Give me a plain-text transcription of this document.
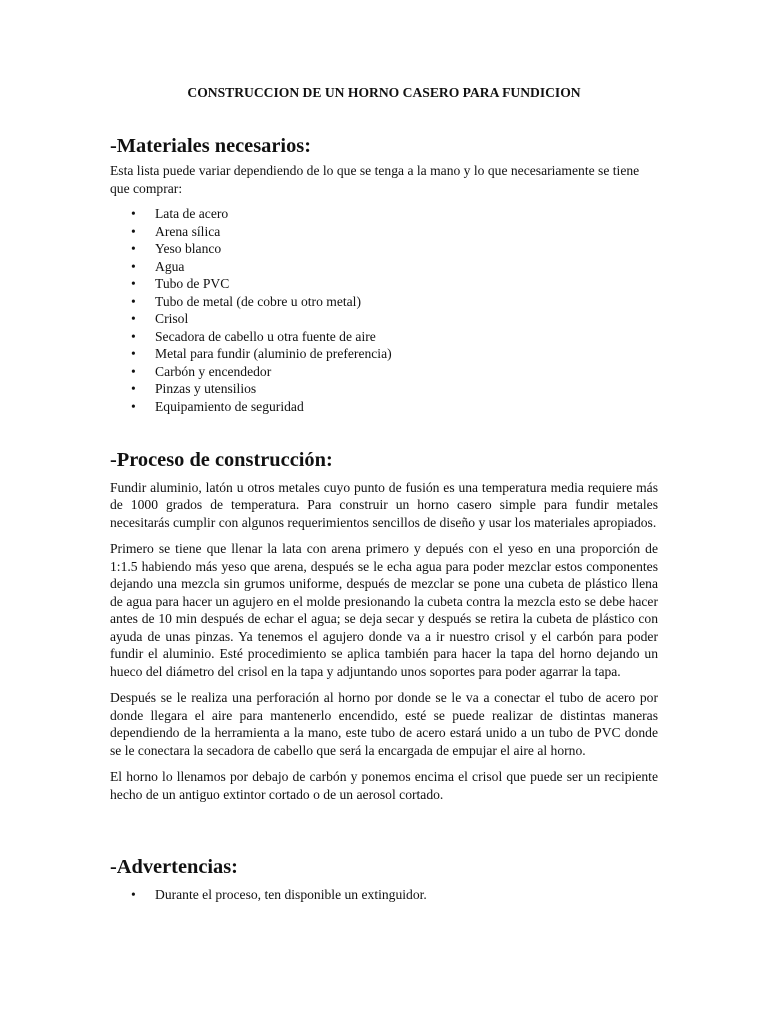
CONSTRUCCION DE UN HORNO CASERO PARA FUNDICION
-Materiales necesarios:

Esta lista puede variar dependiendo de lo que se tenga a la mano y lo que necesariamente se tiene que comprar:

• Lata de acero
• Arena sílica
• Yeso blanco
• Agua
• Tubo de PVC
• Tubo de metal (de cobre u otro metal)
• Crisol
• Secadora de cabello u otra fuente de aire
• Metal para fundir (aluminio de preferencia)
• Carbón y encendedor
• Pinzas y utensilios
• Equipamiento de seguridad
-Proceso de construcción:

Fundir aluminio, latón u otros metales cuyo punto de fusión es una temperatura media requiere más de 1000 grados de temperatura. Para construir un horno casero simple para fundir metales necesitarás cumplir con algunos requerimientos sencillos de diseño y usar los materiales apropiados.

Primero se tiene que llenar la lata con arena primero y depués con el yeso en una proporción de 1:1.5 habiendo más yeso que arena, después se le echa agua para poder mezclar estos componentes dejando una mezcla sin grumos uniforme, después de mezclar se pone una cubeta de plástico llena de agua para hacer un agujero en el molde presionando la cubeta contra la mezcla esto se debe hacer antes de 10 min después de echar el agua; se deja secar y después se retira la cubeta de plástico con ayuda de unas pinzas. Ya tenemos el agujero donde va a ir nuestro crisol y el carbón para poder fundir el aluminio. Esté procedimiento se aplica también para hacer la tapa del horno dejando un hueco del diámetro del crisol en la tapa y adjuntando unos soportes para poder agarrar la tapa.

Después se le realiza una perforación al horno por donde se le va a conectar el tubo de acero por donde llegara el aire para mantenerlo encendido, esté se puede realizar de distintas maneras dependiendo de la herramienta a la mano, este tubo de acero estará unido a un tubo de PVC donde se le conectara la secadora de cabello que será la encargada de empujar el aire al horno.

El horno lo llenamos por debajo de carbón y ponemos encima el crisol que puede ser un recipiente hecho de un antiguo extintor cortado o de un aerosol cortado.

-Advertencias:
• Durante el proceso, ten disponible un extinguidor.
